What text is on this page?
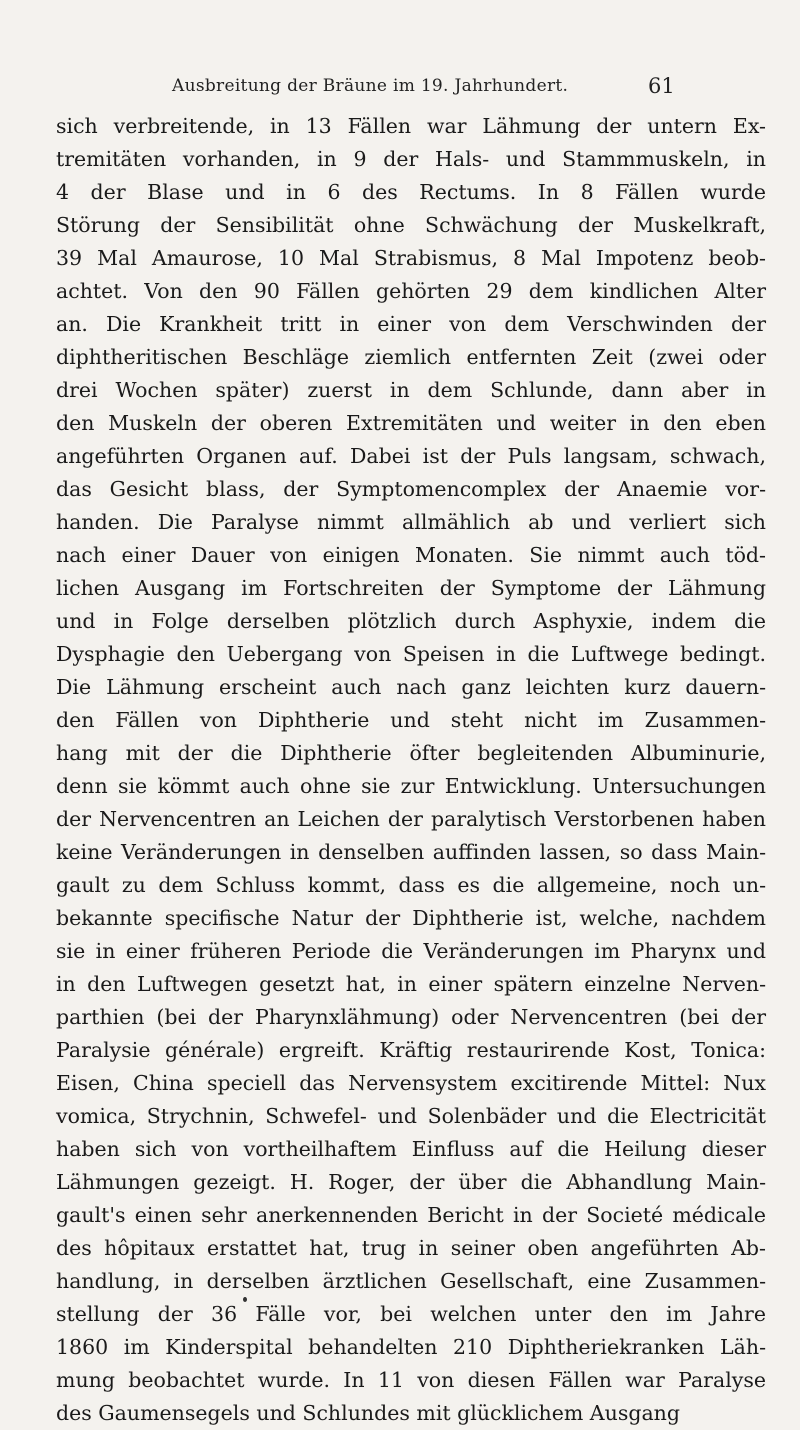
Ausbreitung der Bräune im 19. Jahrhundert.	61
sich verbreitende, in 13 Fällen war Lähmung der untern Ex-
tremitäten vorhanden, in 9 der Hals- und Stammmuskeln, in
4 der Blase und in 6 des Rectums. In 8 Fällen wurde
Störung der Sensibilität ohne Schwächung der Muskelkraft,
39 Mal Amaurose, 10 Mal Strabismus, 8 Mal Impotenz beob-
achtet. Von den 90 Fällen gehörten 29 dem kindlichen Alter
an. Die Krankheit tritt in einer von dem Verschwinden der
diphtheritischen Beschläge ziemlich entfernten Zeit (zwei oder
drei Wochen später) zuerst in dem Schlunde, dann aber in
den Muskeln der oberen Extremitäten und weiter in den eben
angeführten Organen auf. Dabei ist der Puls langsam, schwach,
das Gesicht blass, der Symptomencomplex der Anaemie vor-
handen. Die Paralyse nimmt allmählich ab und verliert sich
nach einer Dauer von einigen Monaten. Sie nimmt auch töd-
lichen Ausgang im Fortschreiten der Symptome der Lähmung
und in Folge derselben plötzlich durch Asphyxie, indem die
Dysphagie den Uebergang von Speisen in die Luftwege bedingt.
Die Lähmung erscheint auch nach ganz leichten kurz dauern-
den Fällen von Diphtherie und steht nicht im Zusammen-
hang mit der die Diphtherie öfter begleitenden Albuminurie,
denn sie kömmt auch ohne sie zur Entwicklung. Untersuchungen
der Nervencentren an Leichen der paralytisch Verstorbenen haben
keine Veränderungen in denselben auffinden lassen, so dass Main-
gault zu dem Schluss kommt, dass es die allgemeine, noch un-
bekannte specifische Natur der Diphtherie ist, welche, nachdem
sie in einer früheren Periode die Veränderungen im Pharynx und
in den Luftwegen gesetzt hat, in einer spätern einzelne Nerven-
parthien (bei der Pharynxlähmung) oder Nervencentren (bei der
Paralysie générale) ergreift. Kräftig restaurirende Kost, Tonica:
Eisen, China speciell das Nervensystem excitirende Mittel: Nux
vomica, Strychnin, Schwefel- und Solenbäder und die Electricität
haben sich von vortheilhaftem Einfluss auf die Heilung dieser
Lähmungen gezeigt. H. Roger, der über die Abhandlung Main-
gault's einen sehr anerkennenden Bericht in der Societé médicale
des hôpitaux erstattet hat, trug in seiner oben angeführten Ab-
handlung, in derselben ärztlichen Gesellschaft, eine Zusammen-
stellung der 36 Fälle vor, bei welchen unter den im Jahre
1860 im Kinderspital behandelten 210 Diphtheriekranken Läh-
mung beobachtet wurde. In 11 von diesen Fällen war Paralyse
des Gaumensegels und Schlundes mit glücklichem Ausgang
